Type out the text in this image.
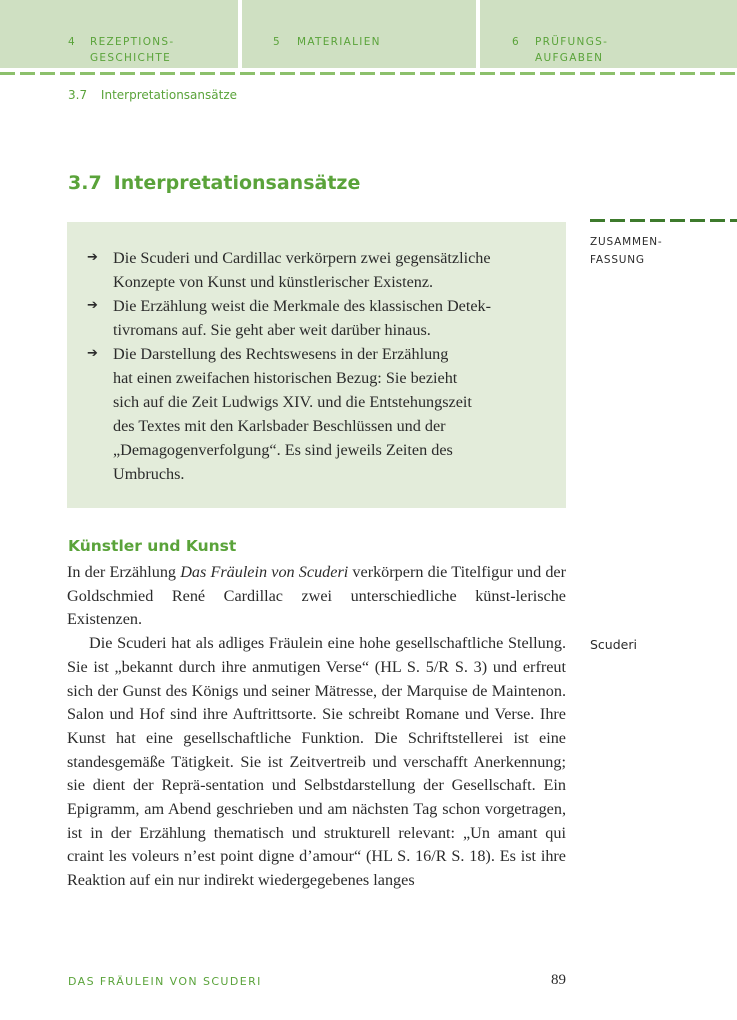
4 REZEPTIONS-
GESCHICHTE
5 MATERIALIEN	6 PRÜFUNGS-
AUFGABEN
3.7 Interpretationsansätze
3.7 Interpretationsansätze
ZUSAMMEN-
FASSUNG
Scuderi
➔ Die Scuderi und Cardillac verkörpern zwei gegensätzliche
Konzepte von Kunst und künstlerischer Existenz.
➔ Die Erzählung weist die Merkmale des klassischen Detek-
tivromans auf. Sie geht aber weit darüber hinaus.
➔ Die Darstellung des Rechtswesens in der Erzählung
hat einen zweifachen historischen Bezug: Sie bezieht
sich auf die Zeit Ludwigs XIV. und die Entstehungszeit
des Textes mit den Karlsbader Beschlüssen und der
„Demagogenverfolgung“. Es sind jeweils Zeiten des
Umbruchs.
Künstler und Kunst

In der Erzählung Das Fräulein von Scuderi verkörpern die Titelfigur und der Goldschmied René Cardillac zwei unterschiedliche künst-lerische Existenzen.

Die Scuderi hat als adliges Fräulein eine hohe gesellschaftliche Stellung. Sie ist „bekannt durch ihre anmutigen Verse“ (HL S. 5/R S. 3) und erfreut sich der Gunst des Königs und seiner Mätresse, der Marquise de Maintenon. Salon und Hof sind ihre Auftrittsorte. Sie schreibt Romane und Verse. Ihre Kunst hat eine gesellschaftliche Funktion. Die Schriftstellerei ist eine standesgemäße Tätigkeit. Sie ist Zeitvertreib und verschafft Anerkennung; sie dient der Reprä-sentation und Selbstdarstellung der Gesellschaft. Ein Epigramm, am Abend geschrieben und am nächsten Tag schon vorgetragen, ist in der Erzählung thematisch und strukturell relevant: „Un amant qui craint les voleurs n’est point digne d’amour“ (HL S. 16/R S. 18). Es ist ihre Reaktion auf ein nur indirekt wiedergegebenes langes

DAS FRÄULEIN VON SCUDERI	89
